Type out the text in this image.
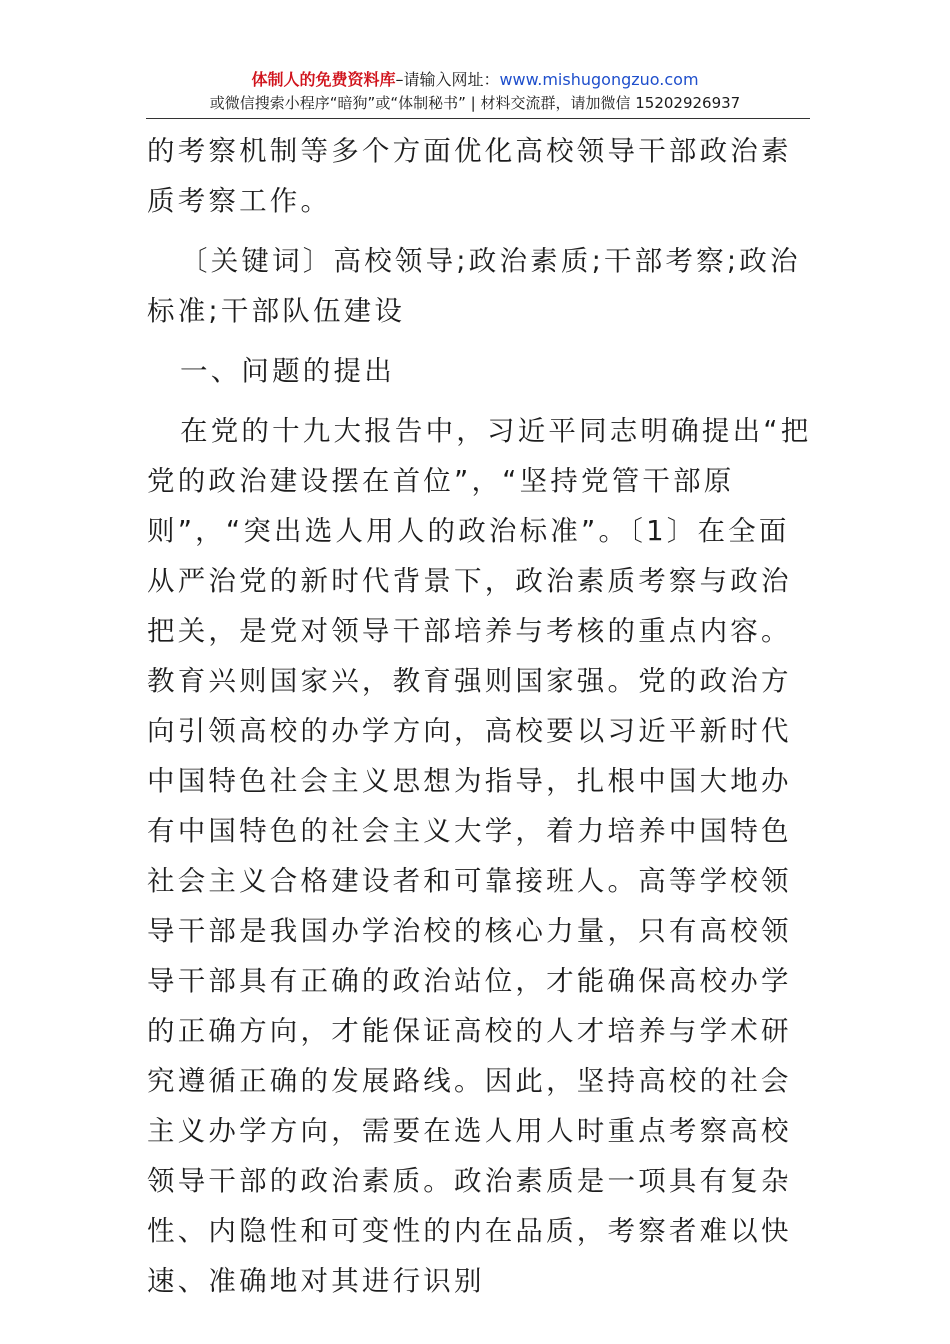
体制人的免费资料库–请输入网址：www.mishugongzuo.com
或微信搜索小程序“暗狗”或“体制秘书” | 材料交流群，请加微信 15202926937

的考察机制等多个方面优化高校领导干部政治素质考察工作。

〔关键词〕高校领导;政治素质;干部考察;政治标准;干部队伍建设

一、问题的提出

在党的十九大报告中，习近平同志明确提出“把党的政治建设摆在首位”，“坚持党管干部原则”，“突出选人用人的政治标准”。〔1〕在全面从严治党的新时代背景下，政治素质考察与政治把关，是党对领导干部培养与考核的重点内容。教育兴则国家兴，教育强则国家强。党的政治方向引领高校的办学方向，高校要以习近平新时代中国特色社会主义思想为指导，扎根中国大地办有中国特色的社会主义大学，着力培养中国特色社会主义合格建设者和可靠接班人。高等学校领导干部是我国办学治校的核心力量，只有高校领导干部具有正确的政治站位，才能确保高校办学的正确方向，才能保证高校的人才培养与学术研究遵循正确的发展路线。因此，坚持高校的社会主义办学方向，需要在选人用人时重点考察高校领导干部的政治素质。政治素质是一项具有复杂性、内隐性和可变性的内在品质，考察者难以快速、准确地对其进行识别
